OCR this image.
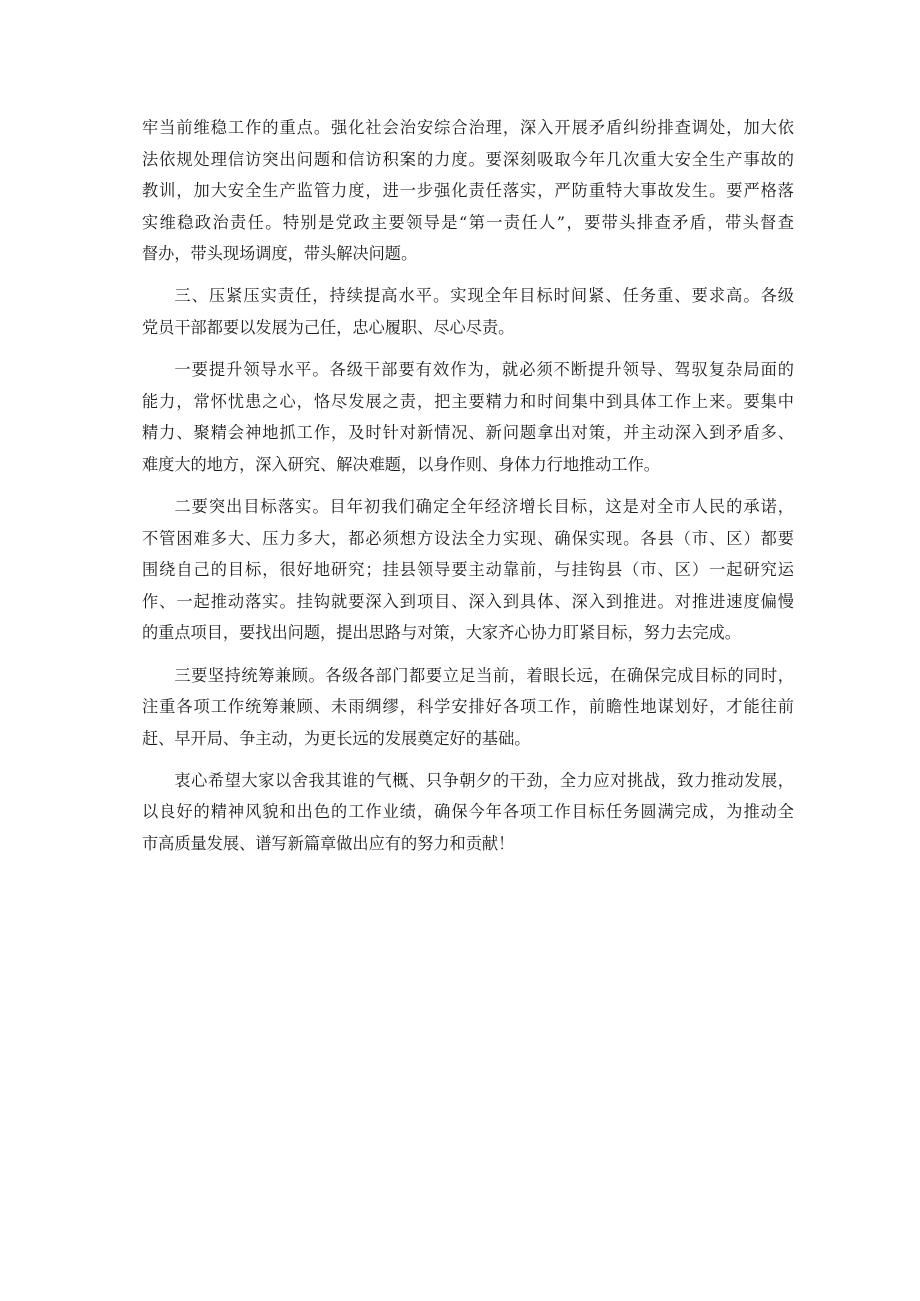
牢当前维稳工作的重点。强化社会治安综合治理，深入开展矛盾纠纷排查调处，加大依
法依规处理信访突出问题和信访积案的力度。要深刻吸取今年几次重大安全生产事故的
教训，加大安全生产监管力度，进一步强化责任落实，严防重特大事故发生。要严格落
实维稳政治责任。特别是党政主要领导是“第一责任人”，要带头排查矛盾，带头督查
督办，带头现场调度，带头解决问题。

三、压紧压实责任，持续提高水平。实现全年目标时间紧、任务重、要求高。各级
党员干部都要以发展为己任，忠心履职、尽心尽责。

一要提升领导水平。各级干部要有效作为，就必须不断提升领导、驾驭复杂局面的
能力，常怀忧患之心，恪尽发展之责，把主要精力和时间集中到具体工作上来。要集中
精力、聚精会神地抓工作，及时针对新情况、新问题拿出对策，并主动深入到矛盾多、
难度大的地方，深入研究、解决难题，以身作则、身体力行地推动工作。

二要突出目标落实。目年初我们确定全年经济增长目标，这是对全市人民的承诺，
不管困难多大、压力多大，都必须想方设法全力实现、确保实现。各县（市、区）都要
围绕自己的目标，很好地研究；挂县领导要主动靠前，与挂钩县（市、区）一起研究运
作、一起推动落实。挂钩就要深入到项目、深入到具体、深入到推进。对推进速度偏慢
的重点项目，要找出问题，提出思路与对策，大家齐心协力盯紧目标，努力去完成。

三要坚持统筹兼顾。各级各部门都要立足当前，着眼长远，在确保完成目标的同时，
注重各项工作统筹兼顾、未雨绸缪，科学安排好各项工作，前瞻性地谋划好，才能往前
赶、早开局、争主动，为更长远的发展奠定好的基础。

衷心希望大家以舍我其谁的气概、只争朝夕的干劲，全力应对挑战，致力推动发展，
以良好的精神风貌和出色的工作业绩，确保今年各项工作目标任务圆满完成，为推动全
市高质量发展、谱写新篇章做出应有的努力和贡献！
